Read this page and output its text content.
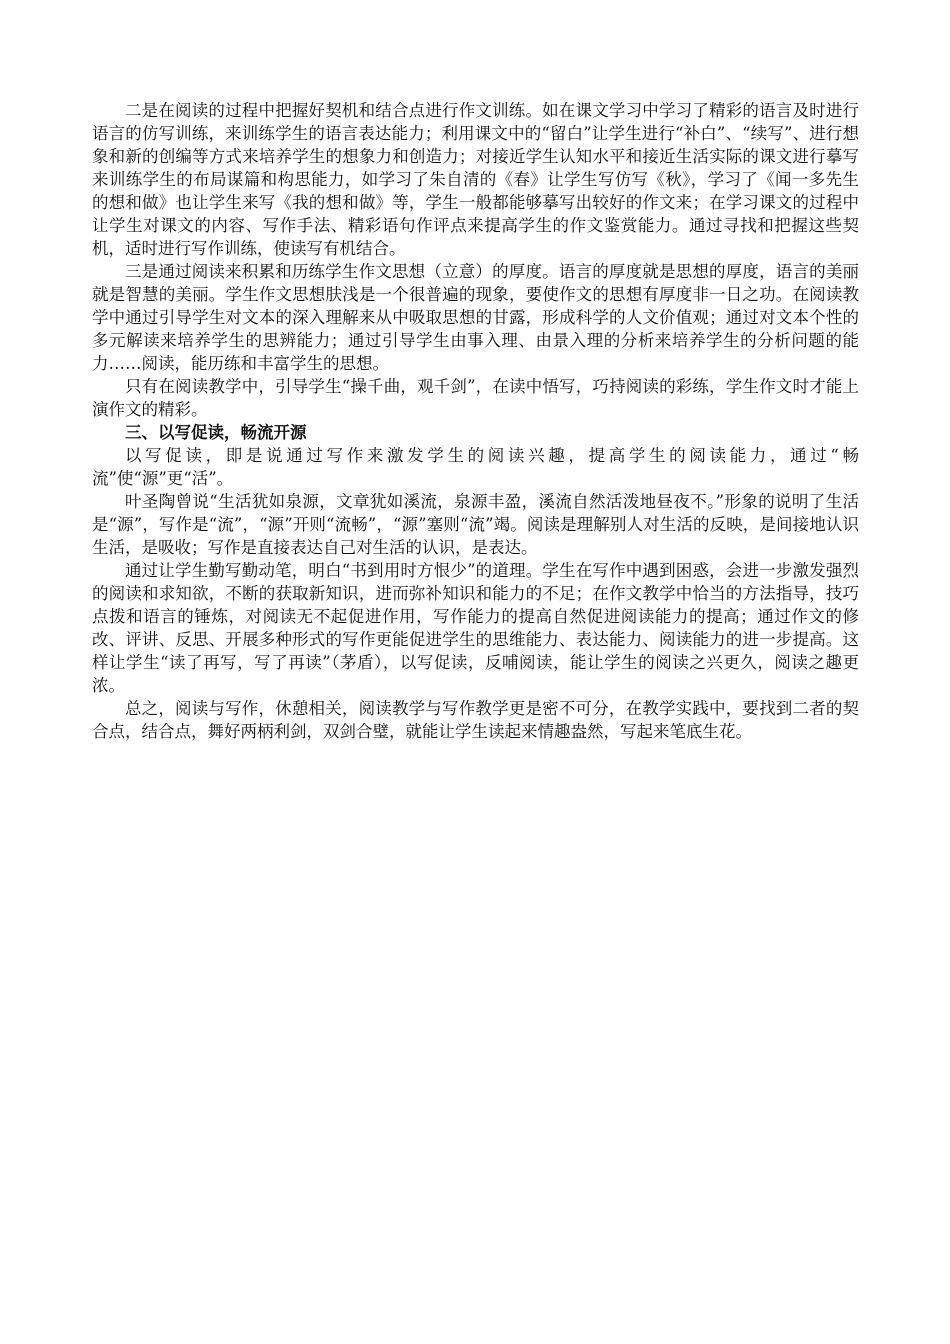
二是在阅读的过程中把握好契机和结合点进行作文训练。如在课文学习中学习了精彩的语言及时进行语言的仿写训练，来训练学生的语言表达能力；利用课文中的“留白”让学生进行“补白”、“续写”、进行想象和新的创编等方式来培养学生的想象力和创造力；对接近学生认知水平和接近生活实际的课文进行摹写来训练学生的布局谋篇和构思能力，如学习了朱自清的《春》让学生写仿写《秋》，学习了《闻一多先生的想和做》也让学生来写《我的想和做》等，学生一般都能够摹写出较好的作文来；在学习课文的过程中让学生对课文的内容、写作手法、精彩语句作评点来提高学生的作文鉴赏能力。通过寻找和把握这些契机，适时进行写作训练，使读写有机结合。

三是通过阅读来积累和历练学生作文思想（立意）的厚度。语言的厚度就是思想的厚度，语言的美丽就是智慧的美丽。学生作文思想肤浅是一个很普遍的现象，要使作文的思想有厚度非一日之功。在阅读教学中通过引导学生对文本的深入理解来从中吸取思想的甘露，形成科学的人文价值观；通过对文本个性的多元解读来培养学生的思辨能力；通过引导学生由事入理、由景入理的分析来培养学生的分析问题的能力……阅读，能历练和丰富学生的思想。

只有在阅读教学中，引导学生“操千曲，观千剑”，在读中悟写，巧持阅读的彩练，学生作文时才能上演作文的精彩。

三、以写促读，畅流开源

以写促读，即是说通过写作来激发学生的阅读兴趣，提高学生的阅读能力，通过“畅流”使“源”更“活”。

叶圣陶曾说“生活犹如泉源，文章犹如溪流，泉源丰盈，溪流自然活泼地昼夜不。”形象的说明了生活是“源”，写作是“流”，“源”开则“流畅”，“源”塞则“流”竭。阅读是理解别人对生活的反映，是间接地认识生活，是吸收；写作是直接表达自己对生活的认识，是表达。

通过让学生勤写勤动笔，明白“书到用时方恨少”的道理。学生在写作中遇到困惑，会进一步激发强烈的阅读和求知欲，不断的获取新知识，进而弥补知识和能力的不足；在作文教学中恰当的方法指导，技巧点拨和语言的锤炼，对阅读无不起促进作用，写作能力的提高自然促进阅读能力的提高；通过作文的修改、评讲、反思、开展多种形式的写作更能促进学生的思维能力、表达能力、阅读能力的进一步提高。这样让学生“读了再写，写了再读”（茅盾），以写促读，反哺阅读，能让学生的阅读之兴更久，阅读之趣更浓。

总之，阅读与写作，休憩相关，阅读教学与写作教学更是密不可分，在教学实践中，要找到二者的契合点，结合点，舞好两柄利剑，双剑合璧，就能让学生读起来情趣盎然，写起来笔底生花。
